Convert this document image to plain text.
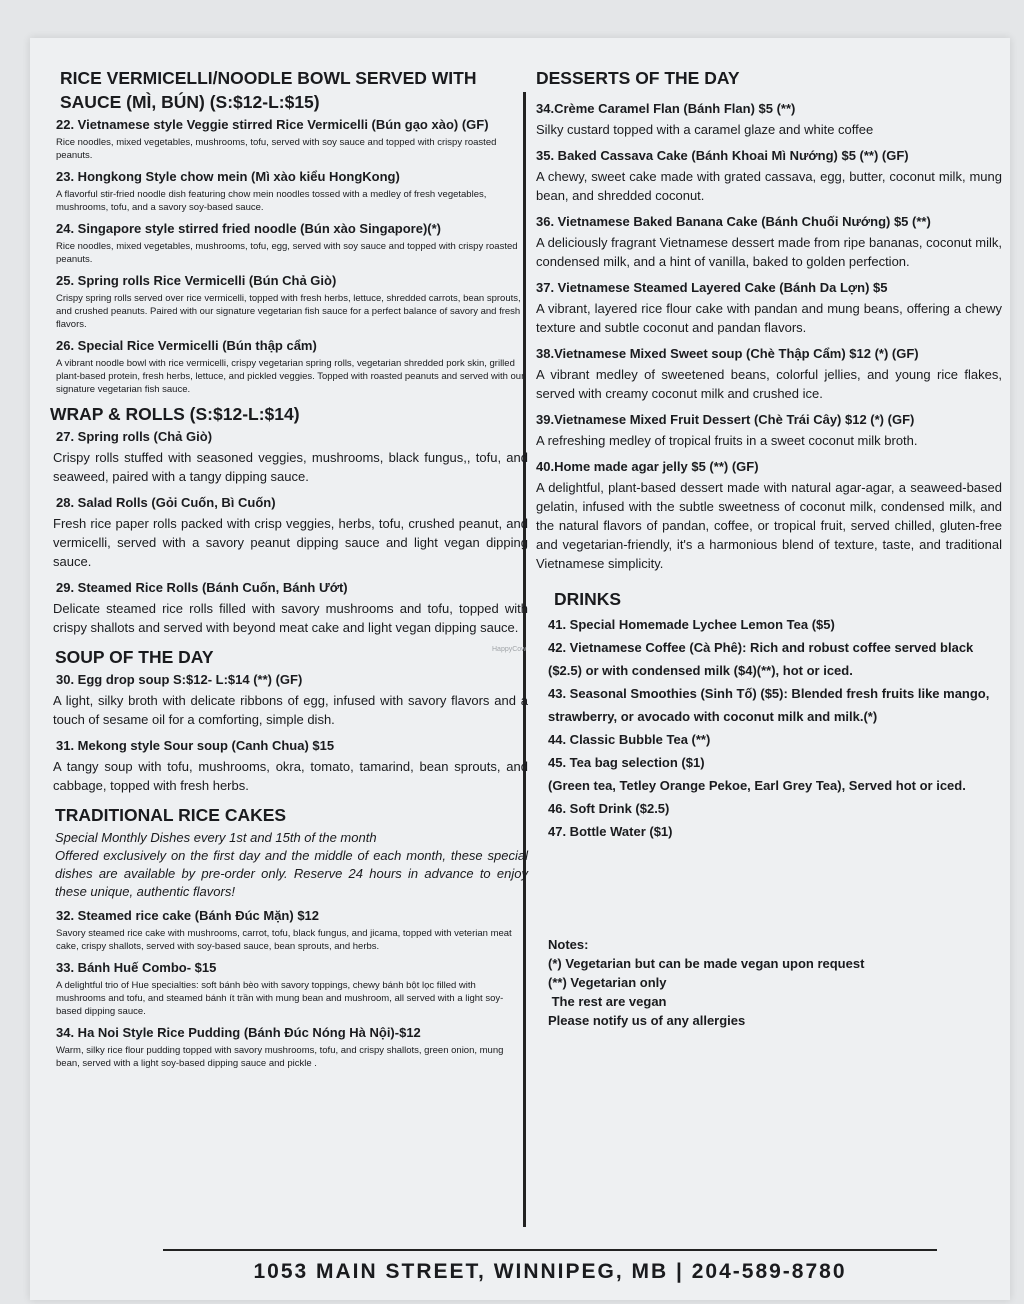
RICE VERMICELLI/NOODLE BOWL SERVED WITH SAUCE (MÌ, BÚN) (S:$12-L:$15)
22. Vietnamese style Veggie stirred Rice Vermicelli (Bún gạo xào) (GF)
Rice noodles, mixed vegetables, mushrooms, tofu, served with soy sauce and topped with crispy roasted peanuts.
23. Hongkong Style chow mein (Mì xào kiểu HongKong)
A flavorful stir-fried noodle dish featuring chow mein noodles tossed with a medley of fresh vegetables, mushrooms, tofu, and a savory soy-based sauce.
24. Singapore style stirred fried noodle (Bún xào Singapore)(*)
Rice noodles, mixed vegetables, mushrooms, tofu, egg, served with soy sauce and topped with crispy roasted peanuts.
25. Spring rolls Rice Vermicelli (Bún Chả Giò)
Crispy spring rolls served over rice vermicelli, topped with fresh herbs, lettuce, shredded carrots, bean sprouts, and crushed peanuts. Paired with our signature vegetarian fish sauce for a perfect balance of savory and fresh flavors.
26. Special Rice Vermicelli (Bún thập cẩm)
A vibrant noodle bowl with rice vermicelli, crispy vegetarian spring rolls, vegetarian shredded pork skin, grilled plant-based protein, fresh herbs, lettuce, and pickled veggies. Topped with roasted peanuts and served with our signature vegetarian fish sauce.
WRAP & ROLLS (S:$12-L:$14)
27. Spring rolls (Chả Giò)
Crispy rolls stuffed with seasoned veggies, mushrooms, black fungus,, tofu, and seaweed, paired with a tangy dipping sauce.
28. Salad Rolls (Gỏi Cuốn, Bì Cuốn)
Fresh rice paper rolls packed with crisp veggies, herbs, tofu, crushed peanut, and vermicelli, served with a savory peanut dipping sauce and light vegan dipping sauce.
29. Steamed Rice Rolls (Bánh Cuốn, Bánh Ướt)
Delicate steamed rice rolls filled with savory mushrooms and tofu, topped with crispy shallots and served with beyond meat cake and light vegan dipping sauce.
SOUP OF THE DAY
30. Egg drop soup S:$12- L:$14 (**) (GF)
A light, silky broth with delicate ribbons of egg, infused with savory flavors and a touch of sesame oil for a comforting, simple dish.
31. Mekong style Sour soup (Canh Chua) $15
A tangy soup with tofu, mushrooms, okra, tomato, tamarind, bean sprouts, and cabbage, topped with fresh herbs.
TRADITIONAL RICE CAKES
Special Monthly Dishes every 1st and 15th of the month
Offered exclusively on the first day and the middle of each month, these special dishes are available by pre-order only. Reserve 24 hours in advance to enjoy these unique, authentic flavors!
32. Steamed rice cake (Bánh Đúc Mặn) $12
Savory steamed rice cake with mushrooms, carrot, tofu, black fungus, and jicama, topped with veterian meat cake, crispy shallots, served with soy-based sauce, bean sprouts, and herbs.
33. Bánh Huế Combo- $15
A delightful trio of Hue specialties: soft bánh bèo with savory toppings, chewy bánh bột lọc filled with mushrooms and tofu, and steamed bánh ít trần with mung bean and mushroom, all served with a light soy-based dipping sauce.
34. Ha Noi Style Rice Pudding (Bánh Đúc Nóng Hà Nội)-$12
Warm, silky rice flour pudding topped with savory mushrooms, tofu, and crispy shallots, green onion, mung bean, served with a light soy-based dipping sauce and pickle .
DESSERTS OF THE DAY
34.Crème Caramel Flan (Bánh Flan) $5 (**)
Silky custard topped with a caramel glaze and white coffee
35. Baked Cassava Cake (Bánh Khoai Mì Nướng) $5 (**) (GF)
A chewy, sweet cake made with grated cassava, egg, butter, coconut milk, mung bean, and shredded coconut.
36. Vietnamese Baked Banana Cake (Bánh Chuối Nướng) $5 (**)
A deliciously fragrant Vietnamese dessert made from ripe bananas, coconut milk, condensed milk, and a hint of vanilla, baked to golden perfection.
37. Vietnamese Steamed Layered Cake (Bánh Da Lợn) $5
A vibrant, layered rice flour cake with pandan and mung beans, offering a chewy texture and subtle coconut and pandan flavors.
38.Vietnamese Mixed Sweet soup (Chè Thập Cẩm) $12 (*) (GF)
A vibrant medley of sweetened beans, colorful jellies, and young rice flakes, served with creamy coconut milk and crushed ice.
39.Vietnamese Mixed Fruit Dessert (Chè Trái Cây) $12 (*) (GF)
A refreshing medley of tropical fruits in a sweet coconut milk broth.
40.Home made agar jelly $5 (**) (GF)
A delightful, plant-based dessert made with natural agar-agar, a seaweed-based gelatin, infused with the subtle sweetness of coconut milk, condensed milk, and the natural flavors of pandan, coffee, or tropical fruit, served chilled, gluten-free and vegetarian-friendly, it's a harmonious blend of texture, taste, and traditional Vietnamese simplicity.
DRINKS
41. Special Homemade Lychee Lemon Tea ($5)
42. Vietnamese Coffee (Cà Phê): Rich and robust coffee served black ($2.5) or with condensed milk ($4)(**), hot or iced.
43. Seasonal Smoothies (Sinh Tố) ($5): Blended fresh fruits like mango, strawberry, or avocado with coconut milk and milk.(*)
44. Classic Bubble Tea (**)
45. Tea bag selection ($1)
(Green tea, Tetley Orange Pekoe, Earl Grey Tea), Served hot or iced.
46. Soft Drink ($2.5)
47. Bottle Water ($1)
Notes:
(*) Vegetarian but can be made vegan upon request
(**) Vegetarian only
The rest are vegan
Please notify us of any allergies
HappyCow
1053 MAIN STREET, WINNIPEG, MB | 204-589-8780
